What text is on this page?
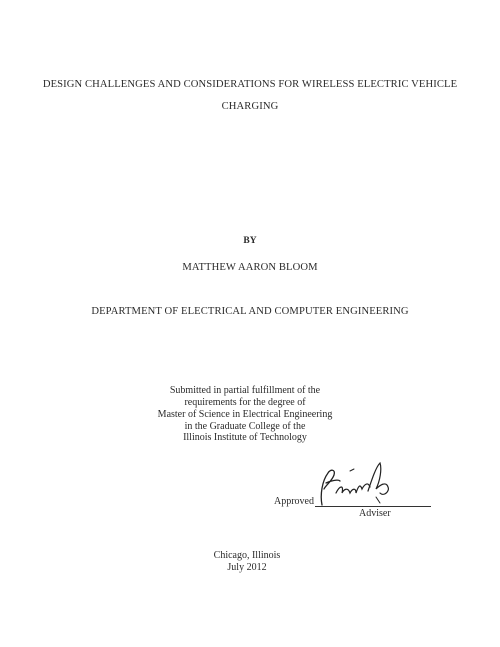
DESIGN CHALLENGES AND CONSIDERATIONS FOR WIRELESS ELECTRIC VEHICLE
CHARGING
BY
MATTHEW AARON BLOOM
DEPARTMENT OF ELECTRICAL AND COMPUTER ENGINEERING
Submitted in partial fulfillment of the
requirements for the degree of
Master of Science in Electrical Engineering
in the Graduate College of the
Illinois Institute of Technology
Approved
Adviser
Chicago, Illinois
July 2012
